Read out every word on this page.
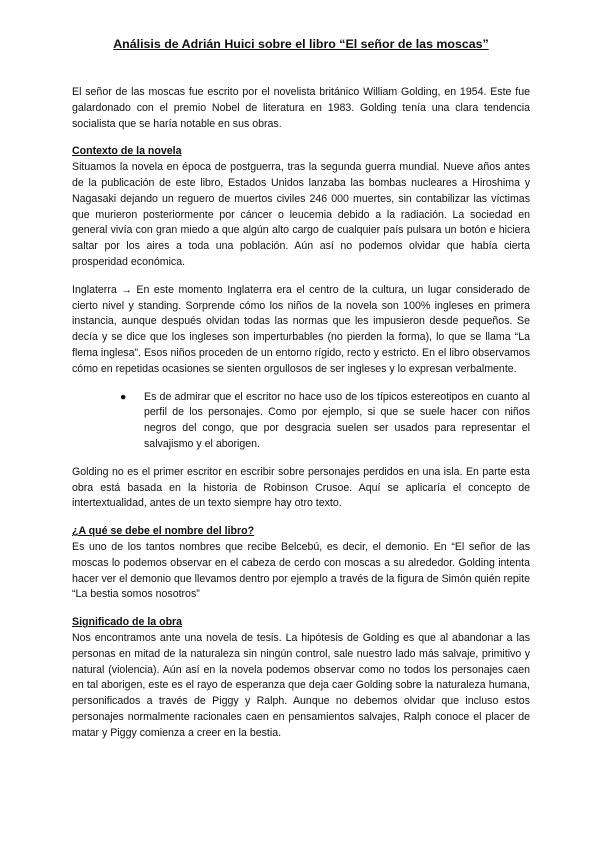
Análisis de Adrián Huici sobre el libro “El señor de las moscas”

El señor de las moscas fue escrito por el novelista británico William Golding, en 1954. Este fue galardonado con el premio Nobel de literatura en 1983. Golding tenía una clara tendencia socialista que se haría notable en sus obras.

Contexto de la novela

Situamos la novela en época de postguerra, tras la segunda guerra mundial. Nueve años antes de la publicación de este libro, Estados Unidos lanzaba las bombas nucleares a Hiroshima y Nagasaki dejando un reguero de muertos civiles 246 000 muertes, sin contabilizar las víctimas que murieron posteriormente por cáncer o leucemia debido a la radiación. La sociedad en general vivía con gran miedo a que algún alto cargo de cualquier país pulsara un botón e hiciera saltar por los aires a toda una población. Aún así no podemos olvidar que había cierta prosperidad económica.

Inglaterra → En este momento Inglaterra era el centro de la cultura, un lugar considerado de cierto nivel y standing. Sorprende cómo los niños de la novela son 100% ingleses en primera instancia, aunque después olvidan todas las normas que les impusieron desde pequeños. Se decía y se dice que los ingleses son imperturbables (no pierden la forma), lo que se llama “La flema inglesa”. Esos niños proceden de un entorno rígido, recto y estricto. En el libro observamos cómo en repetidas ocasiones se sienten orgullosos de ser ingleses y lo expresan verbalmente.

● Es de admirar que el escritor no hace uso de los típicos estereotipos en cuanto al perfil de los personajes. Como por ejemplo, si que se suele hacer con niños negros del congo, que por desgracia suelen ser usados para representar el salvajismo y el aborigen.

Golding no es el primer escritor en escribir sobre personajes perdidos en una isla. En parte esta obra está basada en la historia de Robinson Crusoe. Aquí se aplicaría el concepto de intertextualidad, antes de un texto siempre hay otro texto.

¿A qué se debe el nombre del libro?

Es uno de los tantos nombres que recibe Belcebú, es decir, el demonio. En “El señor de las moscas lo podemos observar en el cabeza de cerdo con moscas a su alrededor. Golding intenta hacer ver el demonio que llevamos dentro por ejemplo a través de la figura de Simón quién repite “La bestia somos nosotros”

Significado de la obra

Nos encontramos ante una novela de tesis. La hipótesis de Golding es que al abandonar a las personas en mitad de la naturaleza sin ningún control, sale nuestro lado más salvaje, primitivo y natural (violencia). Aún así en la novela podemos observar como no todos los personajes caen en tal aborigen, este es el rayo de esperanza que deja caer Golding sobre la naturaleza humana, personificados a través de Piggy y Ralph. Aunque no debemos olvidar que incluso estos personajes normalmente racionales caen en pensamientos salvajes, Ralph conoce el placer de matar y Piggy comienza a creer en la bestia.
